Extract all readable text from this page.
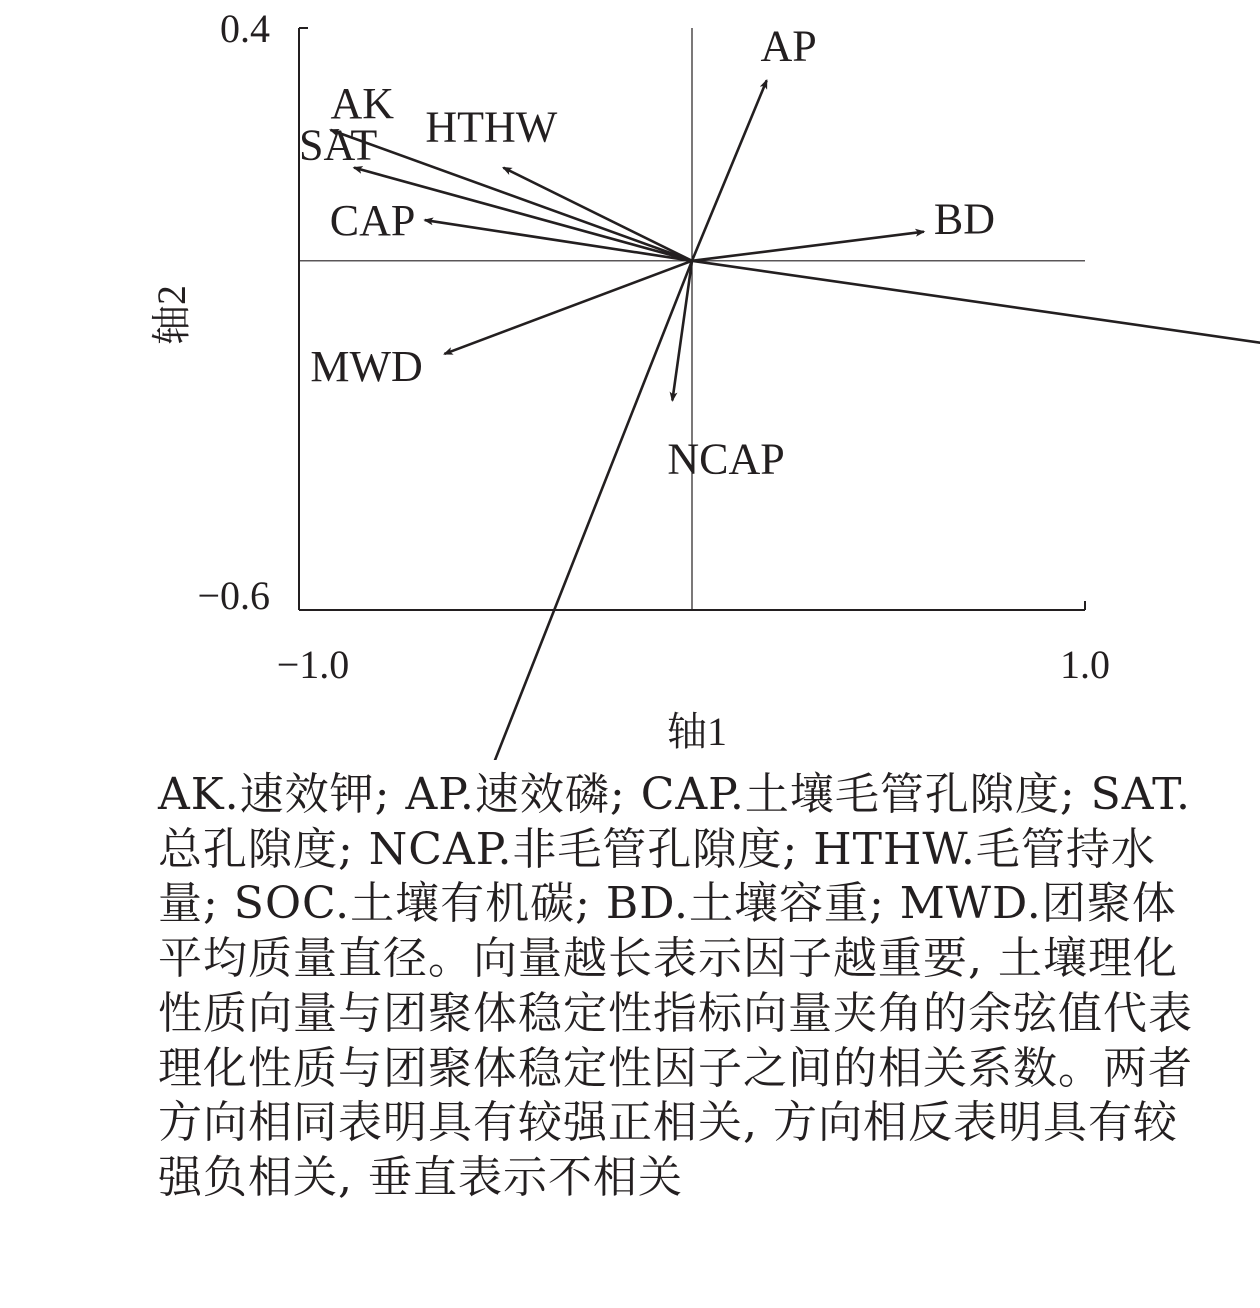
0.4
−0.6
−1.0	1.0
轴1
轴2
AP
AK HTHW
SAT
CAP	BD
MWD
NCAP
AK.速效钾; AP.速效磷; CAP.土壤毛管孔隙度; SAT.总孔隙度; NCAP.非毛管孔隙度; HTHW.毛管持水量; SOC.土壤有机碳; BD.土壤容重; MWD.团聚体平均质量直径。向量越长表示因子越重要, 土壤理化性质向量与团聚体稳定性指标向量夹角的余弦值代表理化性质与团聚体稳定性因子之间的相关系数。两者方向相同表明具有较强正相关, 方向相反表明具有较强负相关, 垂直表示不相关
